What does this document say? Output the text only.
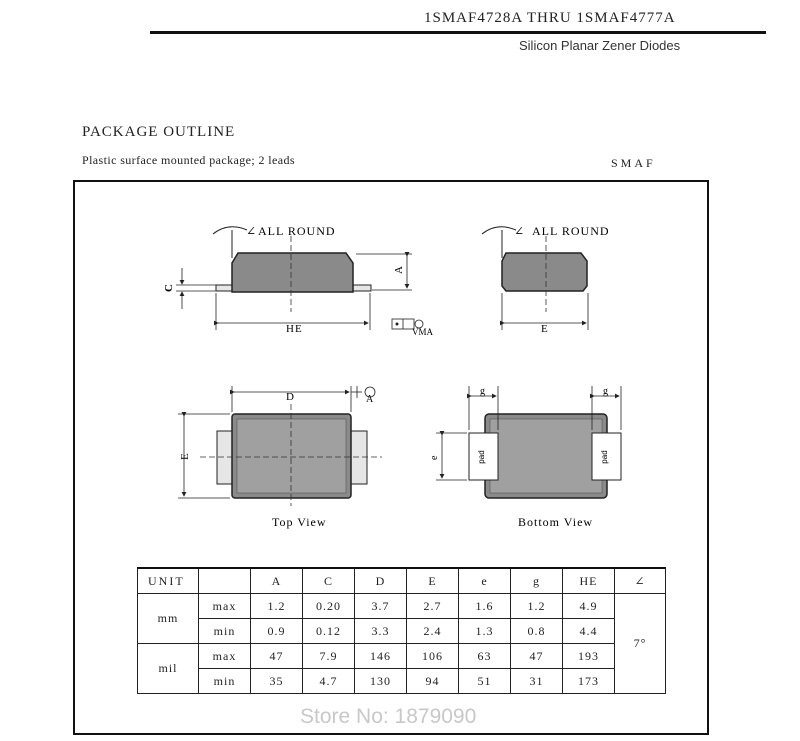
1SMAF4728A THRU 1SMAF4777A
Silicon Planar Zener Diodes
PACKAGE OUTLINE
Plastic surface mounted package; 2 leads	SMAF
ALL ROUND
∠
A
C
HE	VMA
∠ ALL ROUND
E
D	A
E
Top View
pad	pad
g	g
e
Bottom View
UNIT		A	C	D	E	e	g	HE	∠
mm	max	1.2	0.20	3.7	2.7	1.6	1.2	4.9	7°
	min	0.9	0.12	3.3	2.4	1.3	0.8	4.4	
mil	max	47	7.9	146	106	63	47	193	
	min	35	4.7	130	94	51	31	173	
Store No: 1879090
